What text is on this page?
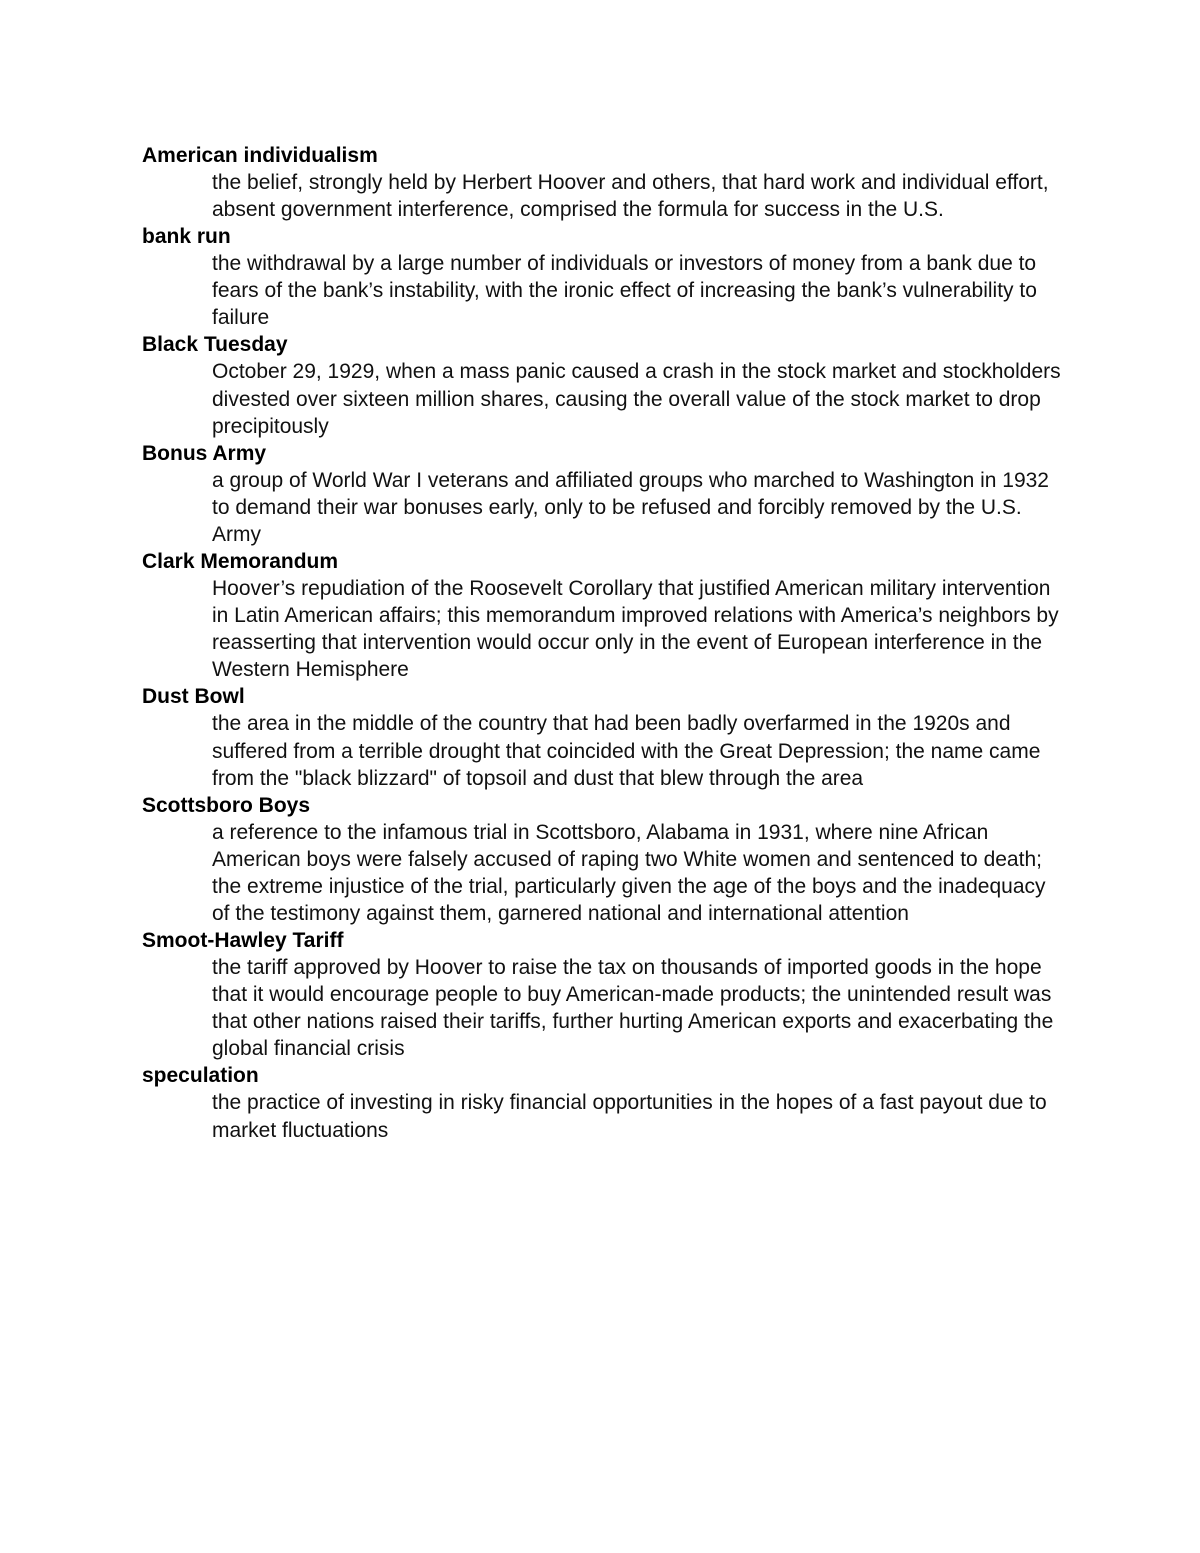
American individualism

the belief, strongly held by Herbert Hoover and others, that hard work and individual effort, absent government interference, comprised the formula for success in the U.S.

bank run

the withdrawal by a large number of individuals or investors of money from a bank due to fears of the bank’s instability, with the ironic effect of increasing the bank’s vulnerability to failure

Black Tuesday

October 29, 1929, when a mass panic caused a crash in the stock market and stockholders divested over sixteen million shares, causing the overall value of the stock market to drop precipitously

Bonus Army

a group of World War I veterans and affiliated groups who marched to Washington in 1932 to demand their war bonuses early, only to be refused and forcibly removed by the U.S. Army

Clark Memorandum

Hoover’s repudiation of the Roosevelt Corollary that justified American military intervention in Latin American affairs; this memorandum improved relations with America’s neighbors by reasserting that intervention would occur only in the event of European interference in the Western Hemisphere

Dust Bowl

the area in the middle of the country that had been badly overfarmed in the 1920s and suffered from a terrible drought that coincided with the Great Depression; the name came from the "black blizzard" of topsoil and dust that blew through the area

Scottsboro Boys

a reference to the infamous trial in Scottsboro, Alabama in 1931, where nine African American boys were falsely accused of raping two White women and sentenced to death; the extreme injustice of the trial, particularly given the age of the boys and the inadequacy of the testimony against them, garnered national and international attention

Smoot-Hawley Tariff

the tariff approved by Hoover to raise the tax on thousands of imported goods in the hope that it would encourage people to buy American-made products; the unintended result was that other nations raised their tariffs, further hurting American exports and exacerbating the global financial crisis

speculation

the practice of investing in risky financial opportunities in the hopes of a fast payout due to market fluctuations
